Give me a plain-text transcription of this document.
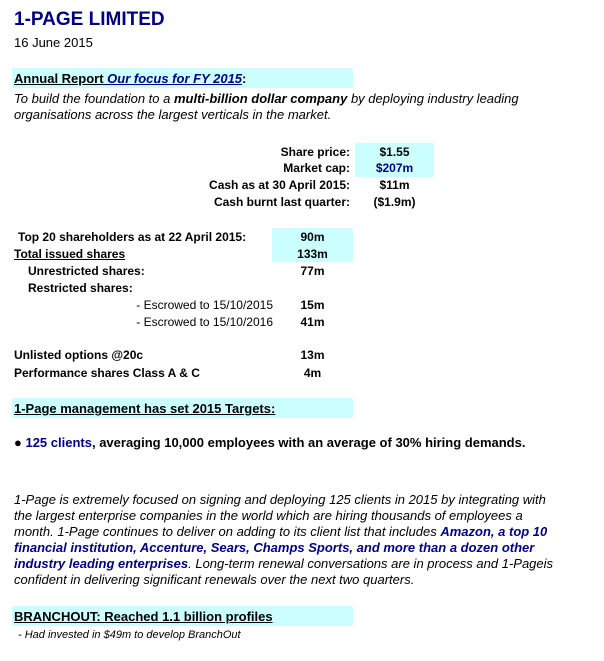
1-PAGE LIMITED
16 June 2015
Annual Report Our focus for FY 2015:
To build the foundation to a multi-billion dollar company by deploying industry leading
organisations across the largest verticals in the market.
Share price:	$1.55
Market cap:	$207m
Cash as at 30 April 2015:	$11m
Cash burnt last quarter:	($1.9m)
Top 20 shareholders as at 22 April 2015:	90m
Total issued shares	133m
Unrestricted shares:	77m
Restricted shares:
- Escrowed to 15/10/2015	15m
- Escrowed to 15/10/2016	41m
Unlisted options @20c	13m
Performance shares Class A & C	4m
1-Page management has set 2015 Targets:
● 125 clients, averaging 10,000 employees with an average of 30% hiring demands.
1-Page is extremely focused on signing and deploying 125 clients in 2015 by integrating with
the largest enterprise companies in the world which are hiring thousands of employees a
month. 1-Page continues to deliver on adding to its client list that includes Amazon, a top 10
financial institution, Accenture, Sears, Champs Sports, and more than a dozen other
industry leading enterprises. Long-term renewal conversations are in process and 1-Pageis
confident in delivering significant renewals over the next two quarters.
BRANCHOUT: Reached 1.1 billion profiles
- Had invested in $49m to develop BranchOut
